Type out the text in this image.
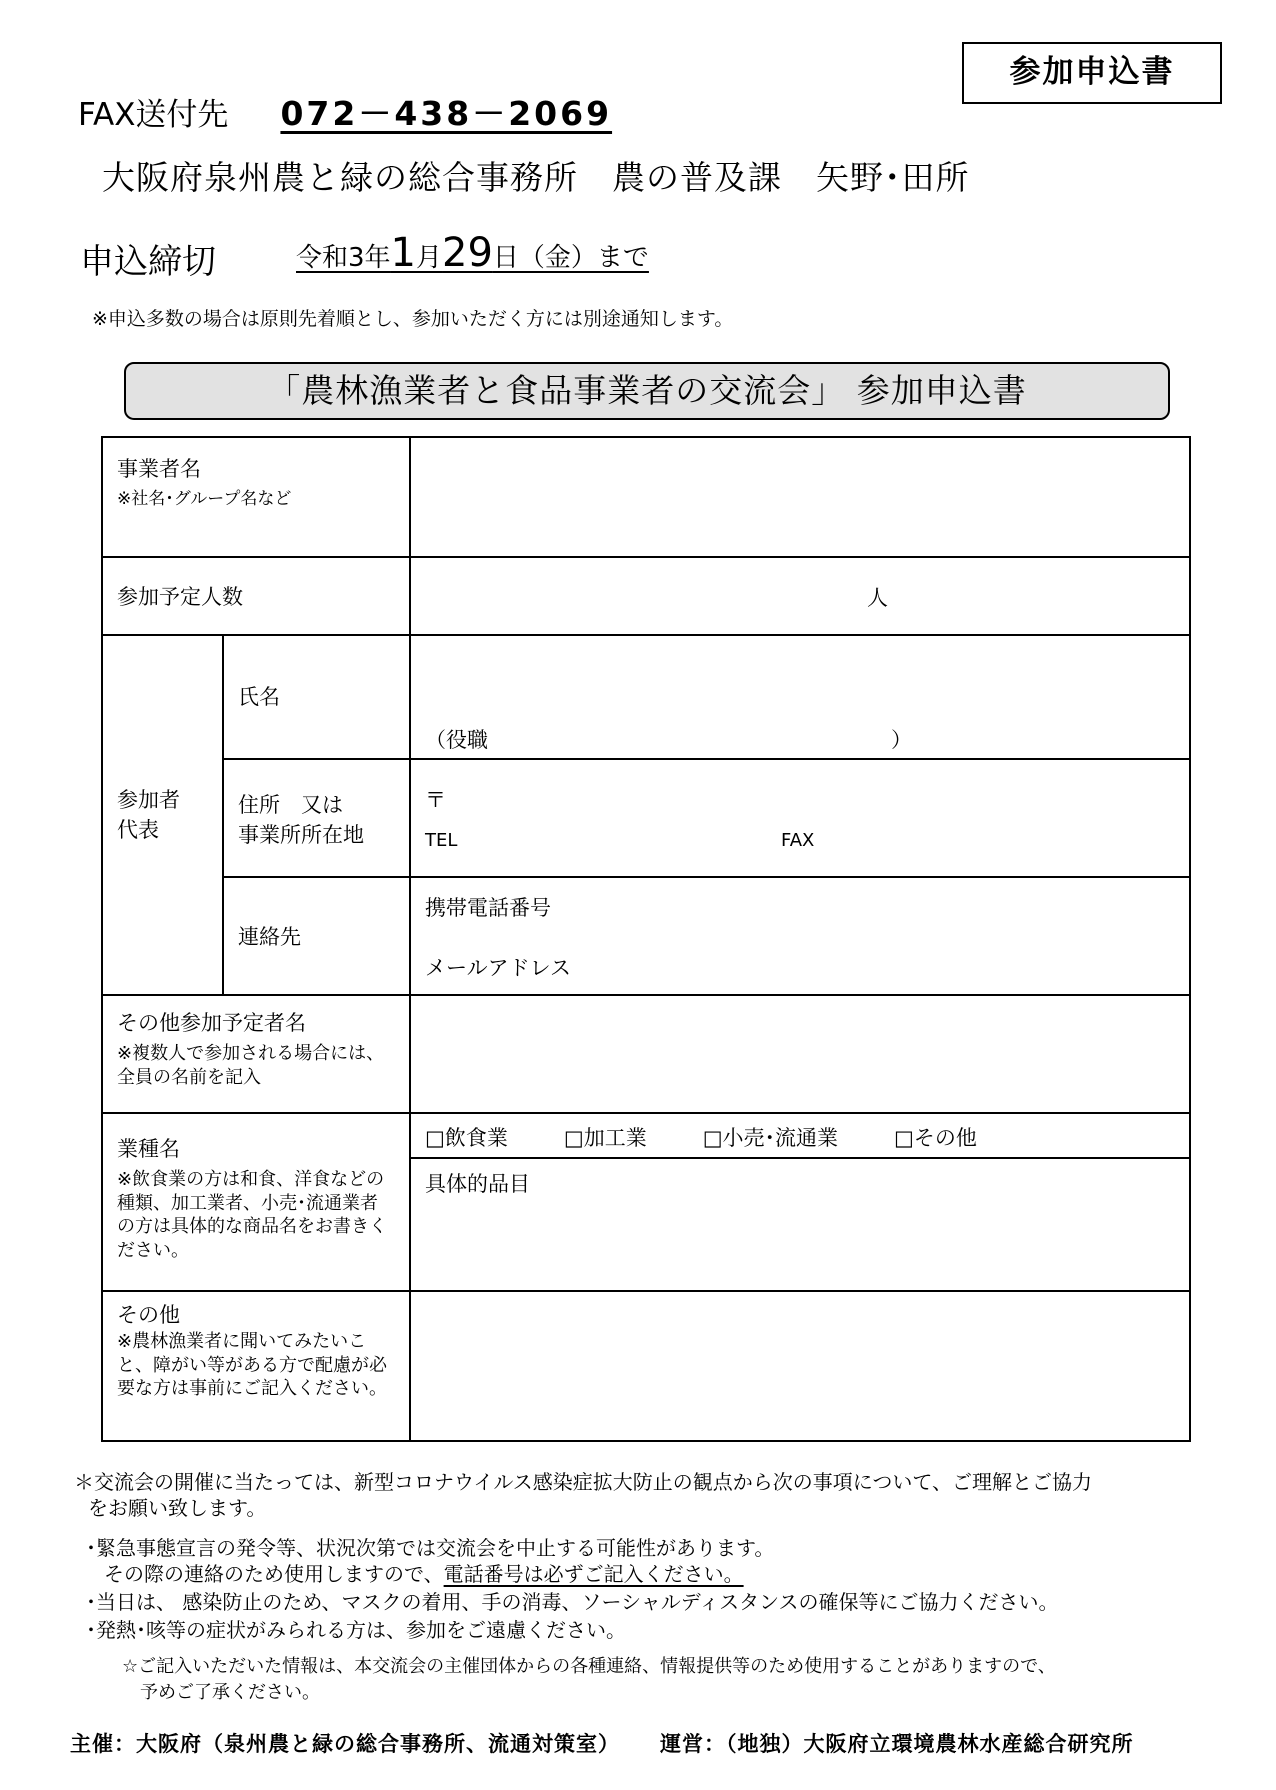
参加申込書
FAX送付先 072－438－2069
大阪府泉州農と緑の総合事務所　農の普及課　矢野･田所
申込締切	令和3年1月29日（金）まで
※申込多数の場合は原則先着順とし、参加いただく方には別途通知します。
「農林漁業者と食品事業者の交流会」 参加申込書
事業者名
※社名･グループ名など		

参加予定人数		人

参加者
代表	氏名	（役職 ）

	住所　又は
事業所所在地	〒
TEL FAX

	連絡先	携帯電話番号
メールアドレス

その他参加予定者名
※複数人で参加される場合には、全員の名前を記入		

業種名
※飲食業の方は和食、洋食などの種類、加工業者、小売･流通業者の方は具体的な商品名をお書きください。		□飲食業 □加工業 □小売･流通業 □その他
具体的品目

その他
※農林漁業者に聞いてみたいこと、障がい等がある方で配慮が必要な方は事前にご記入ください。		

＊交流会の開催に当たっては、新型コロナウイルス感染症拡大防止の観点から次の事項について、ご理解とご協力
をお願い致します。
･緊急事態宣言の発令等、状況次第では交流会を中止する可能性があります。
その際の連絡のため使用しますので、電話番号は必ずご記入ください。
･当日は、 感染防止のため、マスクの着用、手の消毒、ソーシャルディスタンスの確保等にご協力ください。
･発熱･咳等の症状がみられる方は、参加をご遠慮ください。
☆ご記入いただいた情報は、本交流会の主催団体からの各種連絡、情報提供等のため使用することがありますので、
予めご了承ください。
主催：大阪府（泉州農と緑の総合事務所、流通対策室） 運営：（地独）大阪府立環境農林水産総合研究所
